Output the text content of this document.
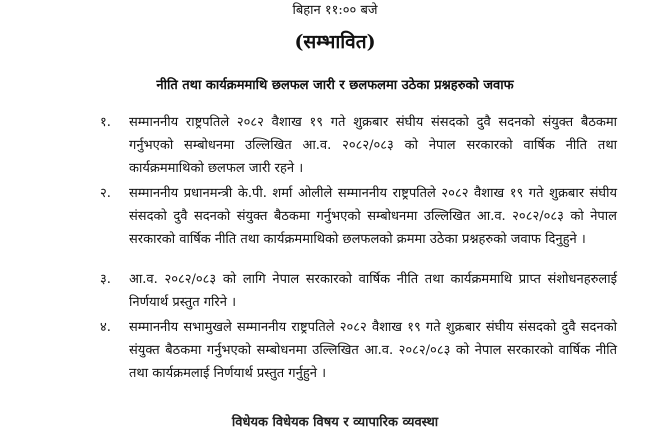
बिहान ११:०० बजे
(सम्भावित)
नीति तथा कार्यक्रममाथि छलफल जारी र छलफलमा उठेका प्रश्नहरुको जवाफ
१.	सम्माननीय राष्ट्रपतिले २०८२ वैशाख १९ गते शुक्रबार संघीय संसदको दुवै सदनको संयुक्त बैठकमा गर्नुभएको सम्बोधनमा उल्लिखित आ.व. २०८२/०८३ को नेपाल सरकारको वार्षिक नीति तथा कार्यक्रममाथिको छलफल जारी रहने ।
२.	सम्माननीय प्रधानमन्त्री के.पी. शर्मा ओलीले सम्माननीय राष्ट्रपतिले २०८२ वैशाख १९ गते शुक्रबार संघीय संसदको दुवै सदनको संयुक्त बैठकमा गर्नुभएको सम्बोधनमा उल्लिखित आ.व. २०८२/०८३ को नेपाल सरकारको वार्षिक नीति तथा कार्यक्रममाथिको छलफलको क्रममा उठेका प्रश्नहरुको जवाफ दिनुहुने ।
३.	आ.व. २०८२/०८३ को लागि नेपाल सरकारको वार्षिक नीति तथा कार्यक्रममाथि प्राप्त संशोधनहरुलाई निर्णयार्थ प्रस्तुत गरिने ।
४.	सम्माननीय सभामुखले सम्माननीय राष्ट्रपतिले २०८२ वैशाख १९ गते शुक्रबार संघीय संसदको दुवै सदनको संयुक्त बैठकमा गर्नुभएको सम्बोधनमा उल्लिखित आ.व. २०८२/०८३ को नेपाल सरकारको वार्षिक नीति तथा कार्यक्रमलाई निर्णयार्थ प्रस्तुत गर्नुहुने ।
विधेयक विधेयक विषय र व्यापारिक व्यवस्था
